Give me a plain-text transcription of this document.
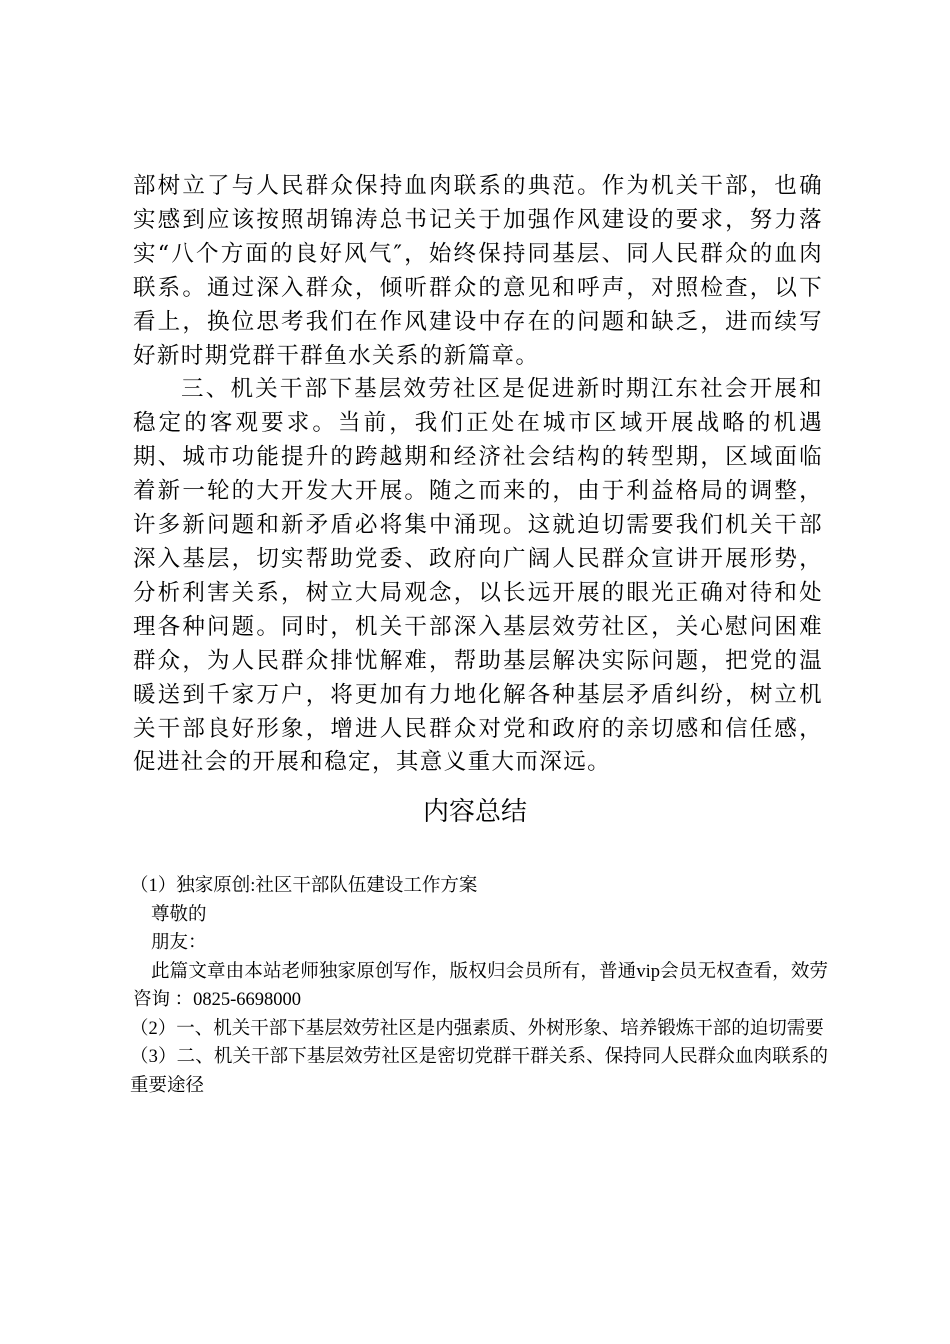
部树立了与人民群众保持血肉联系的典范。作为机关干部，也确实感到应该按照胡锦涛总书记关于加强作风建设的要求，努力落实“八个方面的良好风气″，始终保持同基层、同人民群众的血肉联系。通过深入群众，倾听群众的意见和呼声，对照检查，以下看上，换位思考我们在作风建设中存在的问题和缺乏，进而续写好新时期党群干群鱼水关系的新篇章。

三、机关干部下基层效劳社区是促进新时期江东社会开展和稳定的客观要求。当前，我们正处在城市区域开展战略的机遇期、城市功能提升的跨越期和经济社会结构的转型期，区域面临着新一轮的大开发大开展。随之而来的，由于利益格局的调整，许多新问题和新矛盾必将集中涌现。这就迫切需要我们机关干部深入基层，切实帮助党委、政府向广阔人民群众宣讲开展形势，分析利害关系，树立大局观念，以长远开展的眼光正确对待和处理各种问题。同时，机关干部深入基层效劳社区，关心慰问困难群众，为人民群众排忧解难，帮助基层解决实际问题，把党的温暖送到千家万户，将更加有力地化解各种基层矛盾纠纷，树立机关干部良好形象，增进人民群众对党和政府的亲切感和信任感，促进社会的开展和稳定，其意义重大而深远。

内容总结

（1）独家原创:社区干部队伍建设工作方案

尊敬的

朋友：

此篇文章由本站老师独家原创写作，版权归会员所有，普通vip会员无权查看，效劳咨询 ：0825-6698000

（2）一、机关干部下基层效劳社区是内强素质、外树形象、培养锻炼干部的迫切需要

（3）二、机关干部下基层效劳社区是密切党群干群关系、保持同人民群众血肉联系的重要途径
